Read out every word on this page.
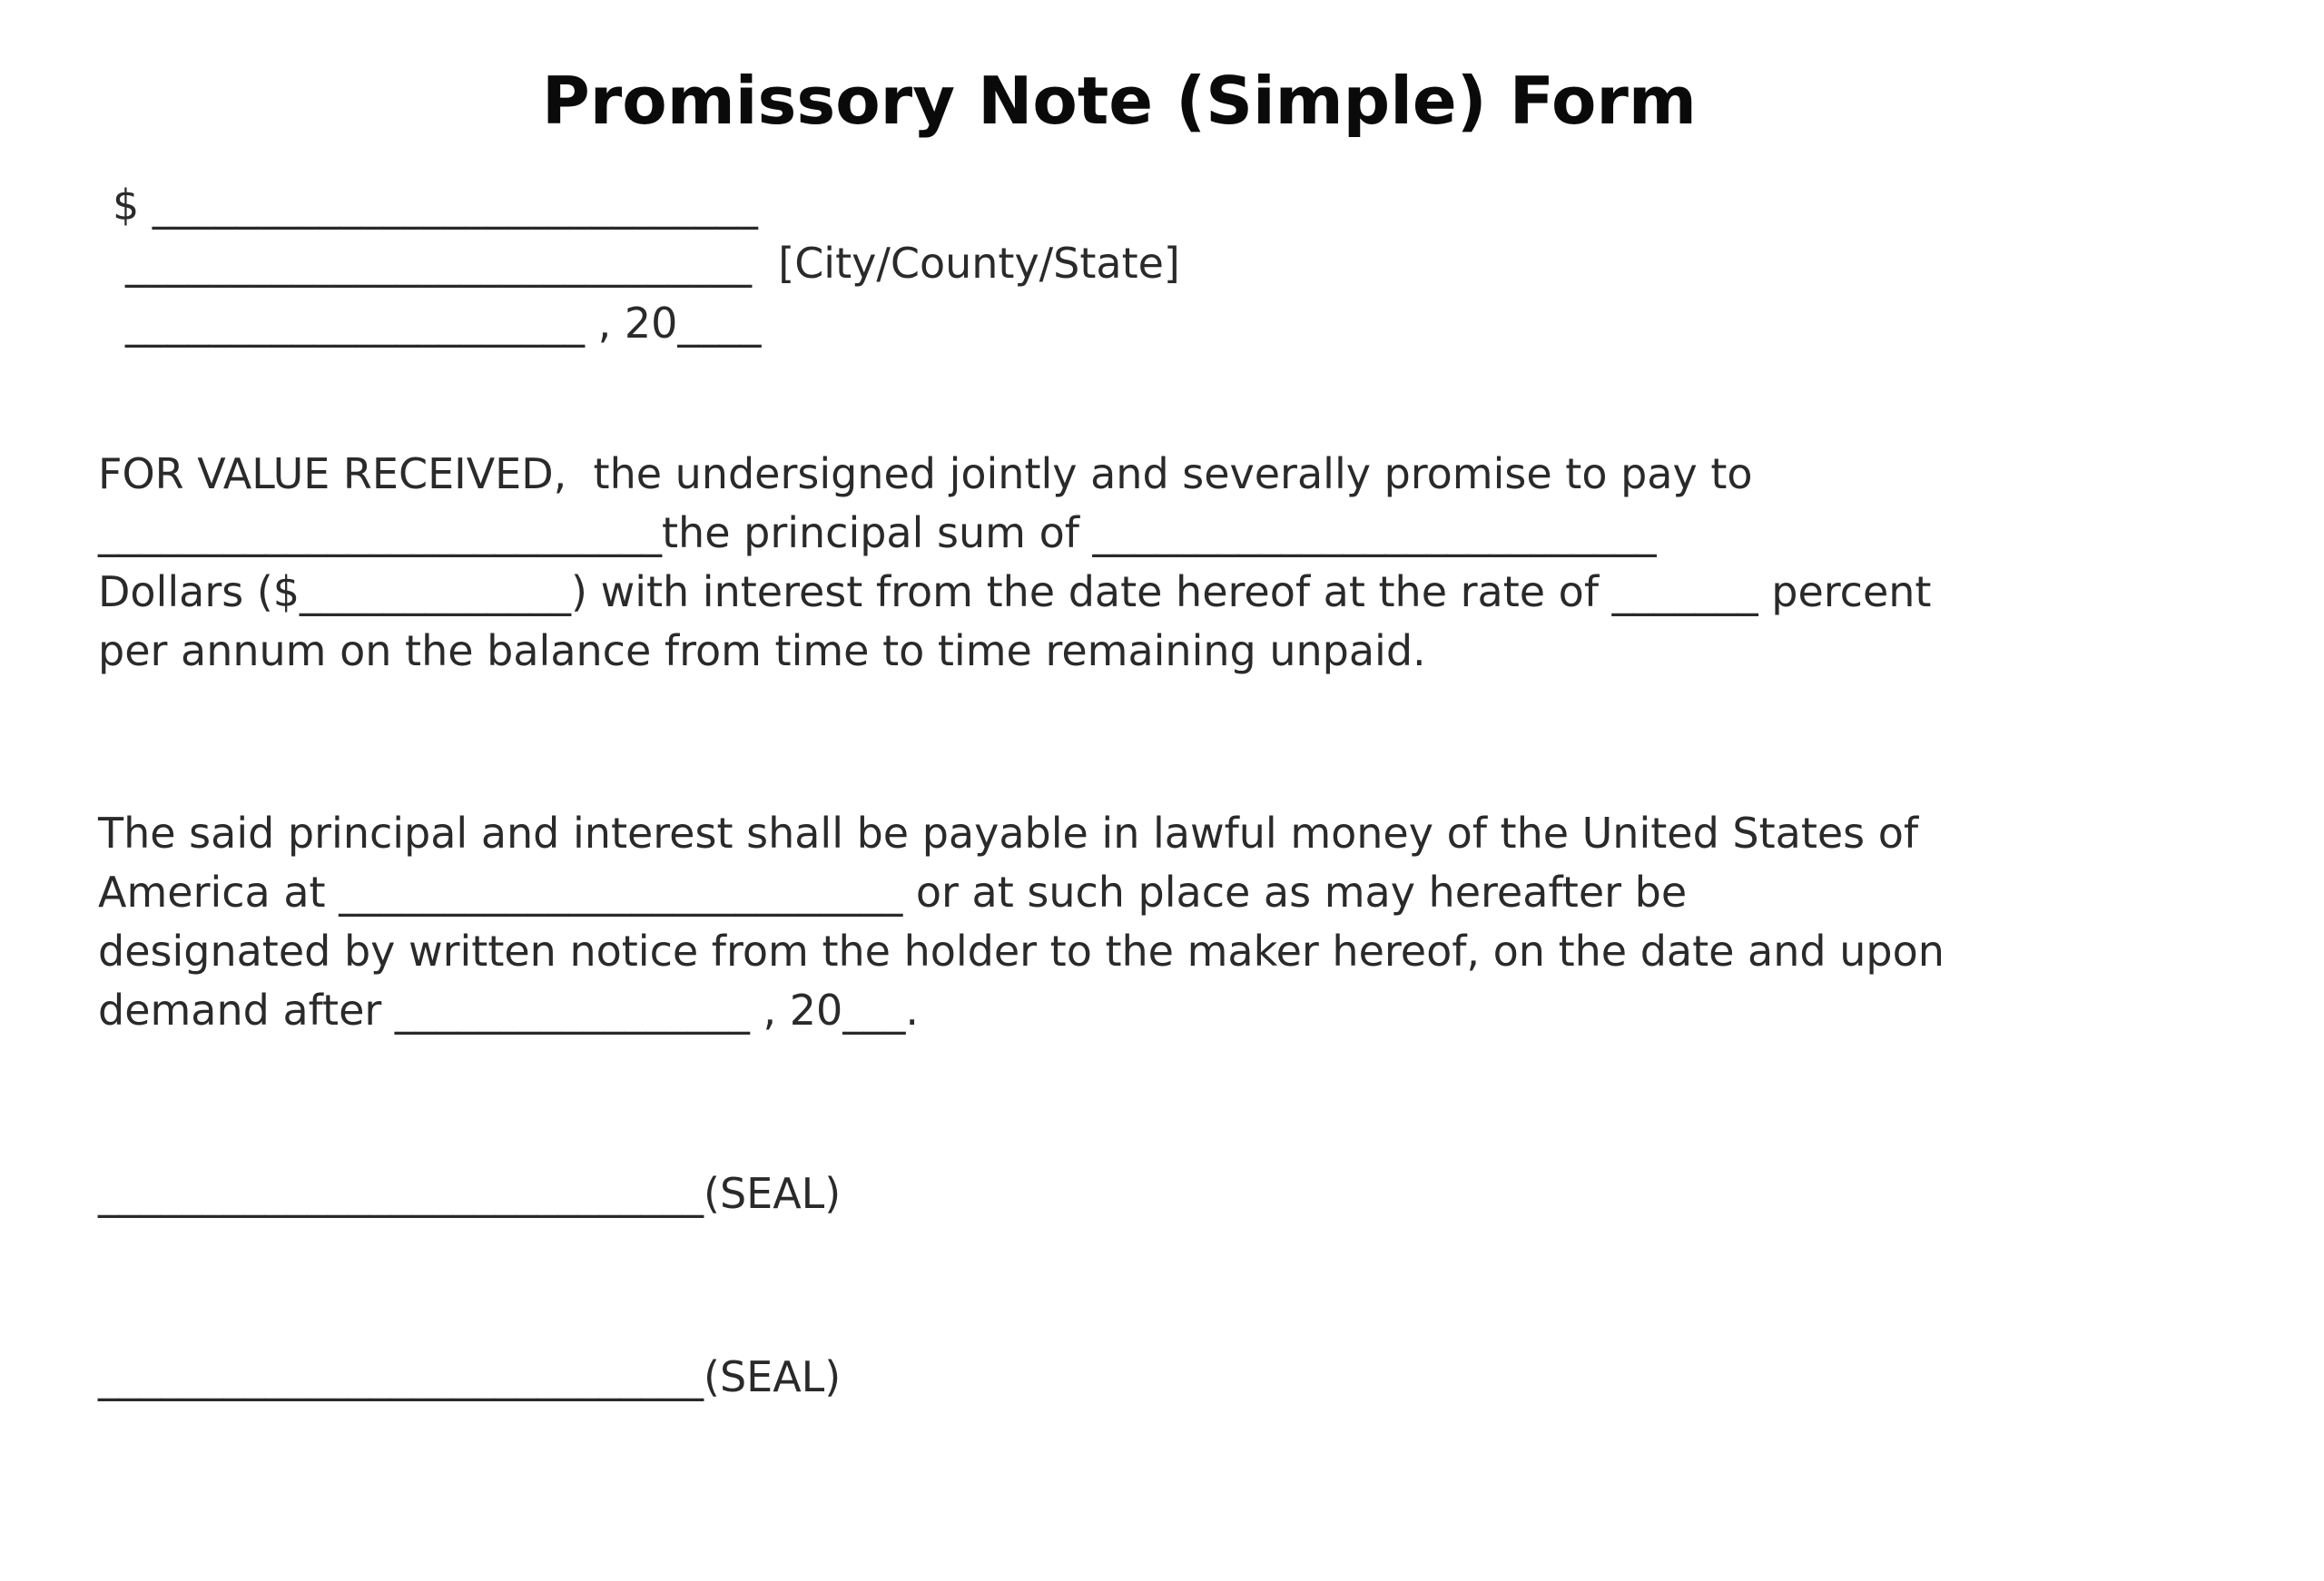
Promissory Note (Simple) Form
$ _____________________________
______________________________  [City/County/State]
______________________ , 20____
FOR VALUE RECEIVED,  the undersigned jointly and severally promise to pay to
___________________________the principal sum of ___________________________
Dollars ($_____________) with interest from the date hereof at the rate of _______ percent
per annum on the balance from time to time remaining unpaid.
The said principal and interest shall be payable in lawful money of the United States of
America at ___________________________ or at such place as may hereafter be
designated by written notice from the holder to the maker hereof, on the date and upon
demand after _________________ , 20___.
_____________________________(SEAL)
_____________________________(SEAL)
